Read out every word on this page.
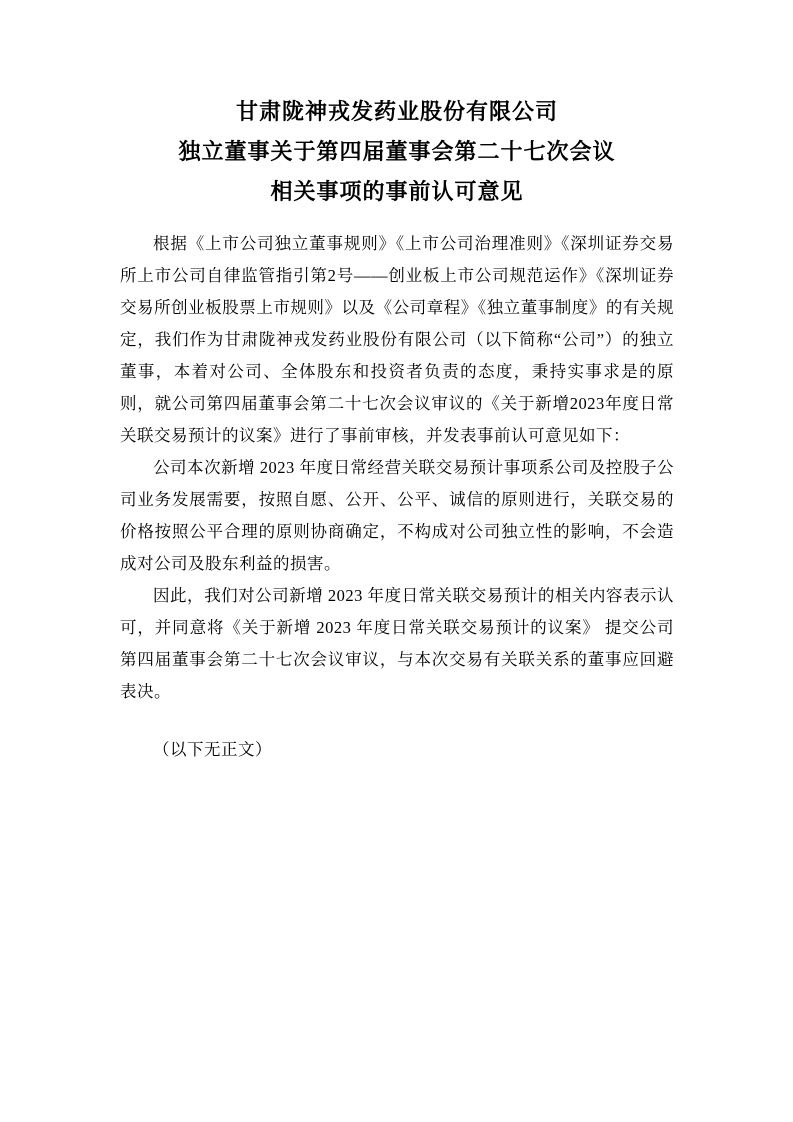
甘肃陇神戎发药业股份有限公司
独立董事关于第四届董事会第二十七次会议
相关事项的事前认可意见

根据《上市公司独立董事规则》《上市公司治理准则》《深圳证券交易所上市公司自律监管指引第2号——创业板上市公司规范运作》《深圳证券交易所创业板股票上市规则》以及《公司章程》《独立董事制度》的有关规定，我们作为甘肃陇神戎发药业股份有限公司（以下简称“公司”）的独立董事，本着对公司、全体股东和投资者负责的态度，秉持实事求是的原则，就公司第四届董事会第二十七次会议审议的《关于新增2023年度日常关联交易预计的议案》进行了事前审核，并发表事前认可意见如下：

公司本次新增 2023 年度日常经营关联交易预计事项系公司及控股子公司业务发展需要，按照自愿、公开、公平、诚信的原则进行，关联交易的价格按照公平合理的原则协商确定，不构成对公司独立性的影响，不会造成对公司及股东利益的损害。

因此，我们对公司新增 2023 年度日常关联交易预计的相关内容表示认可，并同意将《关于新增 2023 年度日常关联交易预计的议案》 提交公司第四届董事会第二十七次会议审议，与本次交易有关联关系的董事应回避表决。

（以下无正文）
